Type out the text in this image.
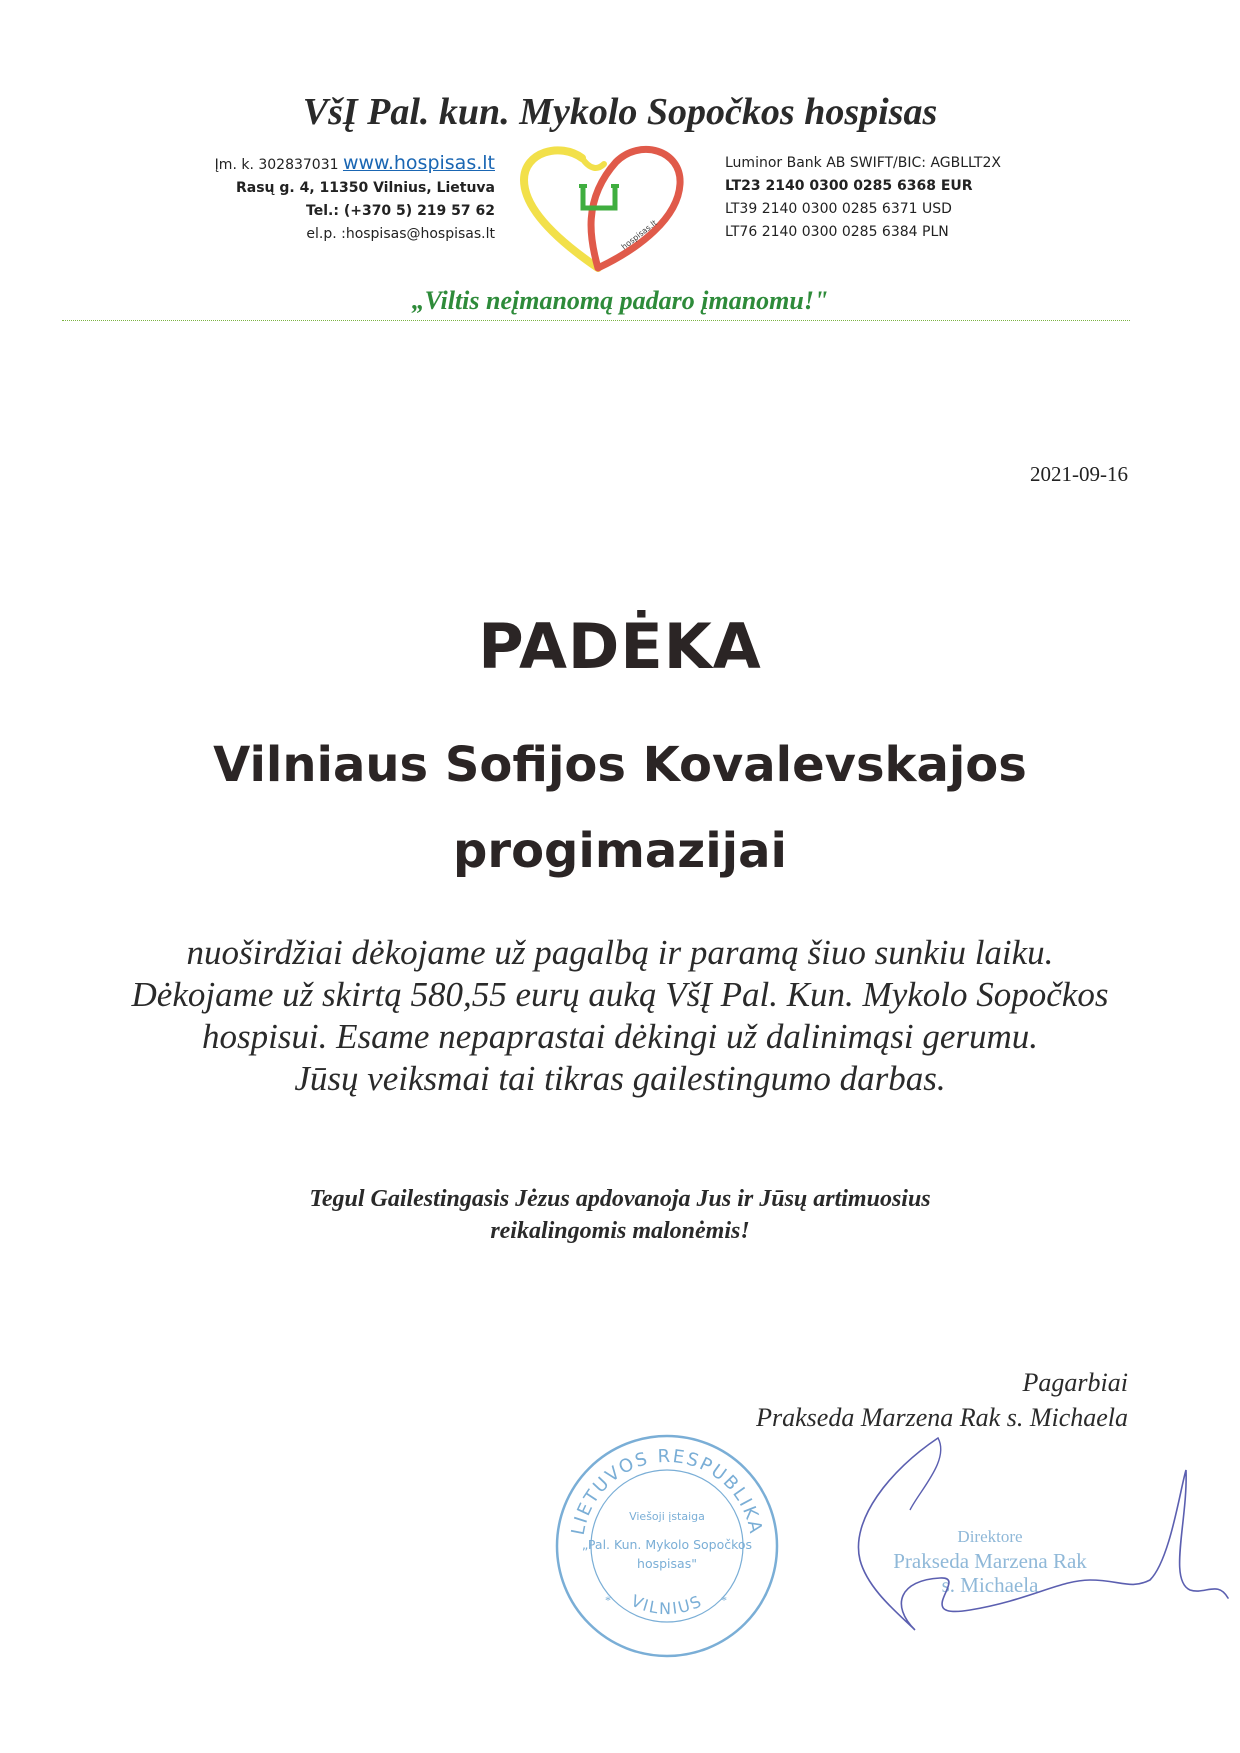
VšĮ Pal. kun. Mykolo Sopočkos hospisas
Įm. k. 302837031 www.hospisas.lt
Rasų g. 4, 11350 Vilnius, Lietuva
Tel.: (+370 5) 219 57 62
el.p. :hospisas@hospisas.lt	hospisas.lt
Luminor Bank AB SWIFT/BIC: AGBLLT2X
LT23 2140 0300 0285 6368 EUR
LT39 2140 0300 0285 6371 USD
LT76 2140 0300 0285 6384 PLN
„Viltis neįmanomą padaro įmanomu!"
2021-09-16
PADĖKA
Vilniaus Sofijos Kovalevskajos
progimazijai
nuoširdžiai dėkojame už pagalbą ir paramą šiuo sunkiu laiku.
Dėkojame už skirtą 580,55 eurų auką VšĮ Pal. Kun. Mykolo Sopočkos
hospisui. Esame nepaprastai dėkingi už dalinimąsi gerumu.
Jūsų veiksmai tai tikras gailestingumo darbas.
Tegul Gailestingasis Jėzus apdovanoja Jus ir Jūsų artimuosius
reikalingomis malonėmis!
Pagarbiai
Prakseda Marzena Rak s. Michaela
LIETUVOS RESPUBLIKA
Viešoji įstaiga
„Pal. Kun. Mykolo Sopočkos
hospisas"
*	*
VILNIUS
Direktore
Prakseda Marzena Rak
s. Michaela
